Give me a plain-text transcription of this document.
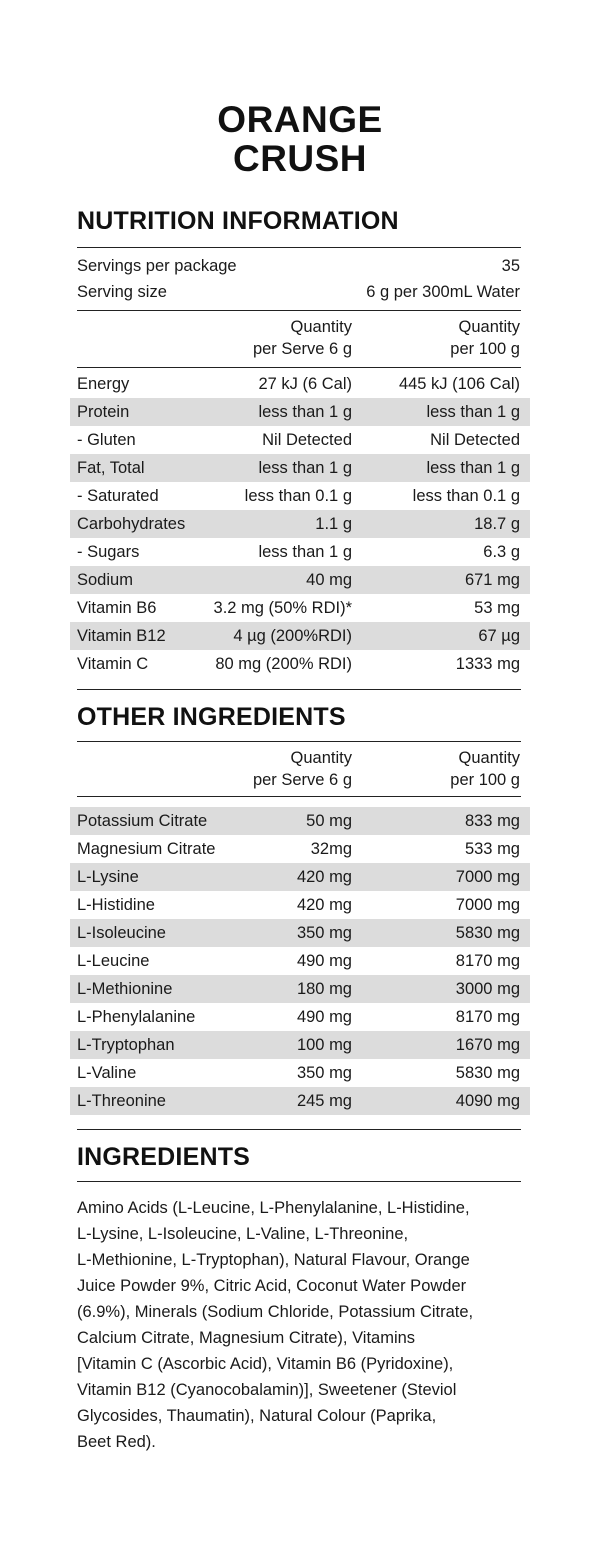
ORANGE
CRUSH
NUTRITION INFORMATION
Servings per package	35
Serving size	6 g per 300mL Water
Quantity
per Serve 6 g
Quantity
per 100 g
Energy	27 kJ (6 Cal)	445 kJ (106 Cal)
Protein	less than 1 g	less than 1 g
- Gluten	Nil Detected	Nil Detected
Fat, Total	less than 1 g	less than 1 g
- Saturated	less than 0.1 g	less than 0.1 g
Carbohydrates	1.1 g	18.7 g
- Sugars	less than 1 g	6.3 g
Sodium	40 mg	671 mg
Vitamin B6	3.2 mg (50% RDI)*	53 mg
Vitamin B12	4 µg (200%RDI)	67 µg
Vitamin C	80 mg (200% RDI)	1333 mg
OTHER INGREDIENTS
Quantity
per Serve 6 g
Quantity
per 100 g
Potassium Citrate	50 mg	833 mg
Magnesium Citrate	32mg	533 mg
L-Lysine	420 mg	7000 mg
L-Histidine	420 mg	7000 mg
L-Isoleucine	350 mg	5830 mg
L-Leucine	490 mg	8170 mg
L-Methionine	180 mg	3000 mg
L-Phenylalanine	490 mg	8170 mg
L-Tryptophan	100 mg	1670 mg
L-Valine	350 mg	5830 mg
L-Threonine	245 mg	4090 mg
INGREDIENTS
Amino Acids (L-Leucine, L-Phenylalanine, L-Histidine,
L-Lysine, L-Isoleucine, L-Valine, L-Threonine,
L-Methionine, L-Tryptophan), Natural Flavour, Orange
Juice Powder 9%, Citric Acid, Coconut Water Powder
(6.9%), Minerals (Sodium Chloride, Potassium Citrate,
Calcium Citrate, Magnesium Citrate), Vitamins
[Vitamin C (Ascorbic Acid), Vitamin B6 (Pyridoxine),
Vitamin B12 (Cyanocobalamin)], Sweetener (Steviol
Glycosides, Thaumatin), Natural Colour (Paprika,
Beet Red).
